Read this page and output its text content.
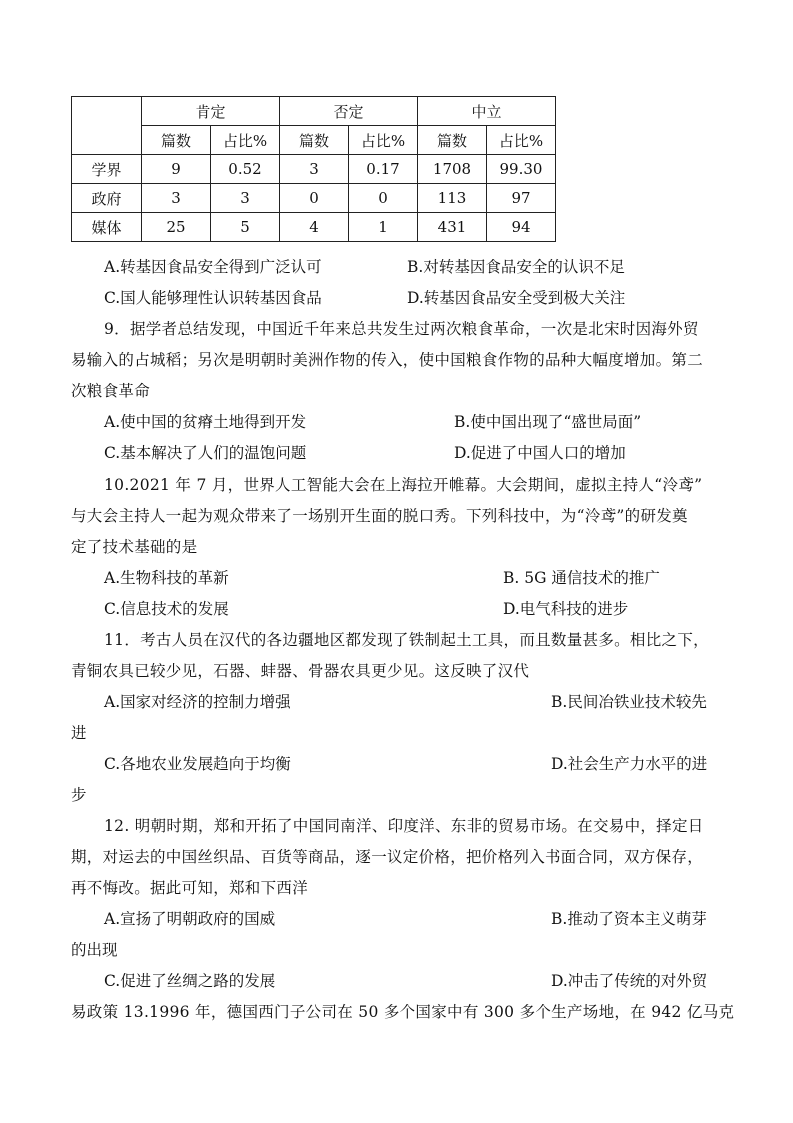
	肯定		否定		中立	
	篇数	占比%	篇数	占比%	篇数	占比%
学界	9	0.52	3	0.17	1708	99.30
政府	3	3	0	0	113	97
媒体	25	5	4	1	431	94
A.转基因食品安全得到广泛认可	B.对转基因食品安全的认识不足
C.国人能够理性认识转基因食品	D.转基因食品安全受到极大关注
9．据学者总结发现，中国近千年来总共发生过两次粮食革命，一次是北宋时因海外贸
易输入的占城稻；另次是明朝时美洲作物的传入，使中国粮食作物的品种大幅度增加。第二
次粮食革命
A.使中国的贫瘠土地得到开发	B.使中国出现了“盛世局面”
C.基本解决了人们的温饱问题	D.促进了中国人口的增加
10.2021 年 7 月，世界人工智能大会在上海拉开帷幕。大会期间，虚拟主持人“泠鸢”
与大会主持人一起为观众带来了一场别开生面的脱口秀。下列科技中，为“泠鸢”的研发奠
定了技术基础的是
A.生物科技的革新	B. 5G 通信技术的推广
C.信息技术的发展	D.电气科技的进步
11．考古人员在汉代的各边疆地区都发现了铁制起土工具，而且数量甚多。相比之下，
青铜农具已较少见，石器、蚌器、骨器农具更少见。这反映了汉代
A.国家对经济的控制力增强	B.民间冶铁业技术较先
进
C.各地农业发展趋向于均衡	D.社会生产力水平的进
步
12. 明朝时期，郑和开拓了中国同南洋、印度洋、东非的贸易市场。在交易中，择定日
期，对运去的中国丝织品、百货等商品，逐一议定价格，把价格列入书面合同，双方保存，
再不悔改。据此可知，郑和下西洋
A.宣扬了明朝政府的国威	B.推动了资本主义萌芽
的出现
C.促进了丝绸之路的发展	D.冲击了传统的对外贸
易政策 13.1996 年，德国西门子公司在 50 多个国家中有 300 多个生产场地，在 942 亿马克
